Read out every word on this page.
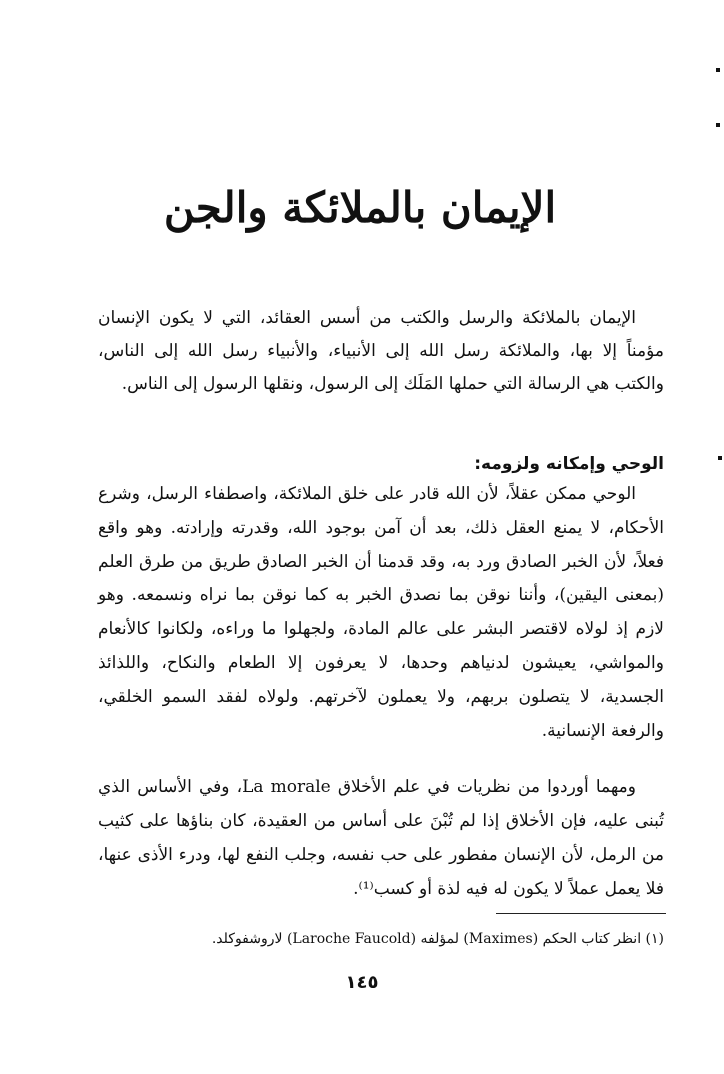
الإيمان بالملائكة والجن

الإيمان بالملائكة والرسل والكتب من أسس العقائد، التي لا يكون الإنسان مؤمناً إلا بها، والملائكة رسل الله إلى الأنبياء، والأنبياء رسل الله إلى الناس، والكتب هي الرسالة التي حملها المَلَك إلى الرسول، ونقلها الرسول إلى الناس.

الوحي وإمكانه ولزومه:

الوحي ممكن عقلاً، لأن الله قادر على خلق الملائكة، واصطفاء الرسل، وشرع الأحكام، لا يمنع العقل ذلك، بعد أن آمن بوجود الله، وقدرته وإرادته. وهو واقع فعلاً، لأن الخبر الصادق ورد به، وقد قدمنا أن الخبر الصادق طريق من طرق العلم (بمعنى اليقين)، وأننا نوقن بما نصدق الخبر به كما نوقن بما نراه ونسمعه. وهو لازم إذ لولاه لاقتصر البشر على عالم المادة، ولجهلوا ما وراءه، ولكانوا كالأنعام والمواشي، يعيشون لدنياهم وحدها، لا يعرفون إلا الطعام والنكاح، واللذائذ الجسدية، لا يتصلون بربهم، ولا يعملون لآخرتهم. ولولاه لفقد السمو الخلقي، والرفعة الإنسانية.

ومهما أوردوا من نظريات في علم الأخلاق La morale، وفي الأساس الذي تُبنى عليه، فإن الأخلاق إذا لم تُبْنَ على أساس من العقيدة، كان بناؤها على كثيب من الرمل، لأن الإنسان مفطور على حب نفسه، وجلب النفع لها، ودرء الأذى عنها، فلا يعمل عملاً لا يكون له فيه لذة أو كسب⁽¹⁾.

(١) انظر كتاب الحكم (Maximes) لمؤلفه (Laroche Faucold) لاروشفوكلد.
١٤٥
